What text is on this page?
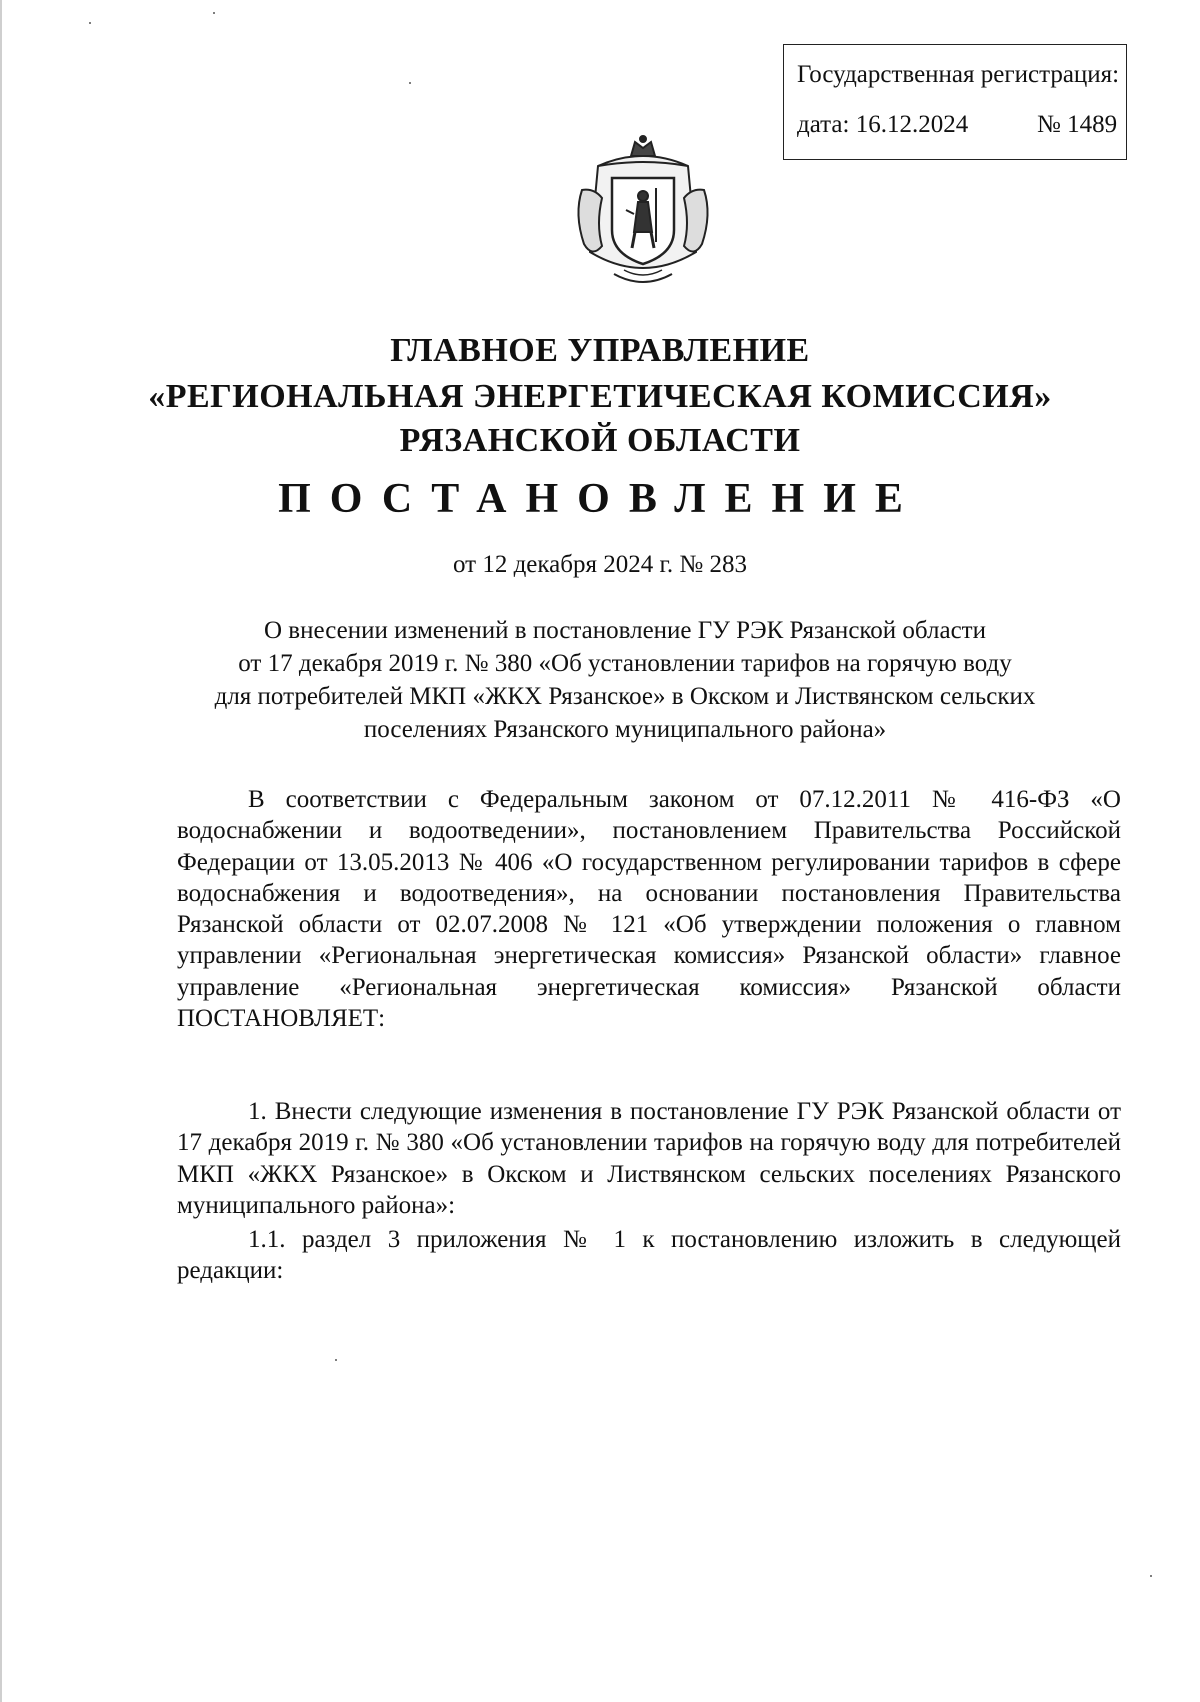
Государственная регистрация:
дата: 16.12.2024	№ 1489
ГЛАВНОЕ УПРАВЛЕНИЕ
«РЕГИОНАЛЬНАЯ ЭНЕРГЕТИЧЕСКАЯ КОМИССИЯ»
РЯЗАНСКОЙ ОБЛАСТИ
ПОСТАНОВЛЕНИЕ
от 12 декабря 2024 г. № 283
О внесении изменений в постановление ГУ РЭК Рязанской области
от 17 декабря 2019 г. № 380 «Об установлении тарифов на горячую воду
для потребителей МКП «ЖКХ Рязанское» в Окском и Листвянском сельских
поселениях Рязанского муниципального района»
В соответствии с Федеральным законом от 07.12.2011 № 416-ФЗ «О водоснабжении и водоотведении», постановлением Правительства Российской Федерации от 13.05.2013 № 406 «О государственном регулировании тарифов в сфере водоснабжения и водоотведения», на основании постановления Правительства Рязанской области от 02.07.2008 № 121 «Об утверждении положения о главном управлении «Региональная энергетическая комиссия» Рязанской области» главное управление «Региональная энергетическая комиссия» Рязанской области ПОСТАНОВЛЯЕТ:
1. Внести следующие изменения в постановление ГУ РЭК Рязанской области от 17 декабря 2019 г. № 380 «Об установлении тарифов на горячую воду для потребителей МКП «ЖКХ Рязанское» в Окском и Листвянском сельских поселениях Рязанского муниципального района»:
1.1. раздел 3 приложения № 1 к постановлению изложить в следующей редакции:
